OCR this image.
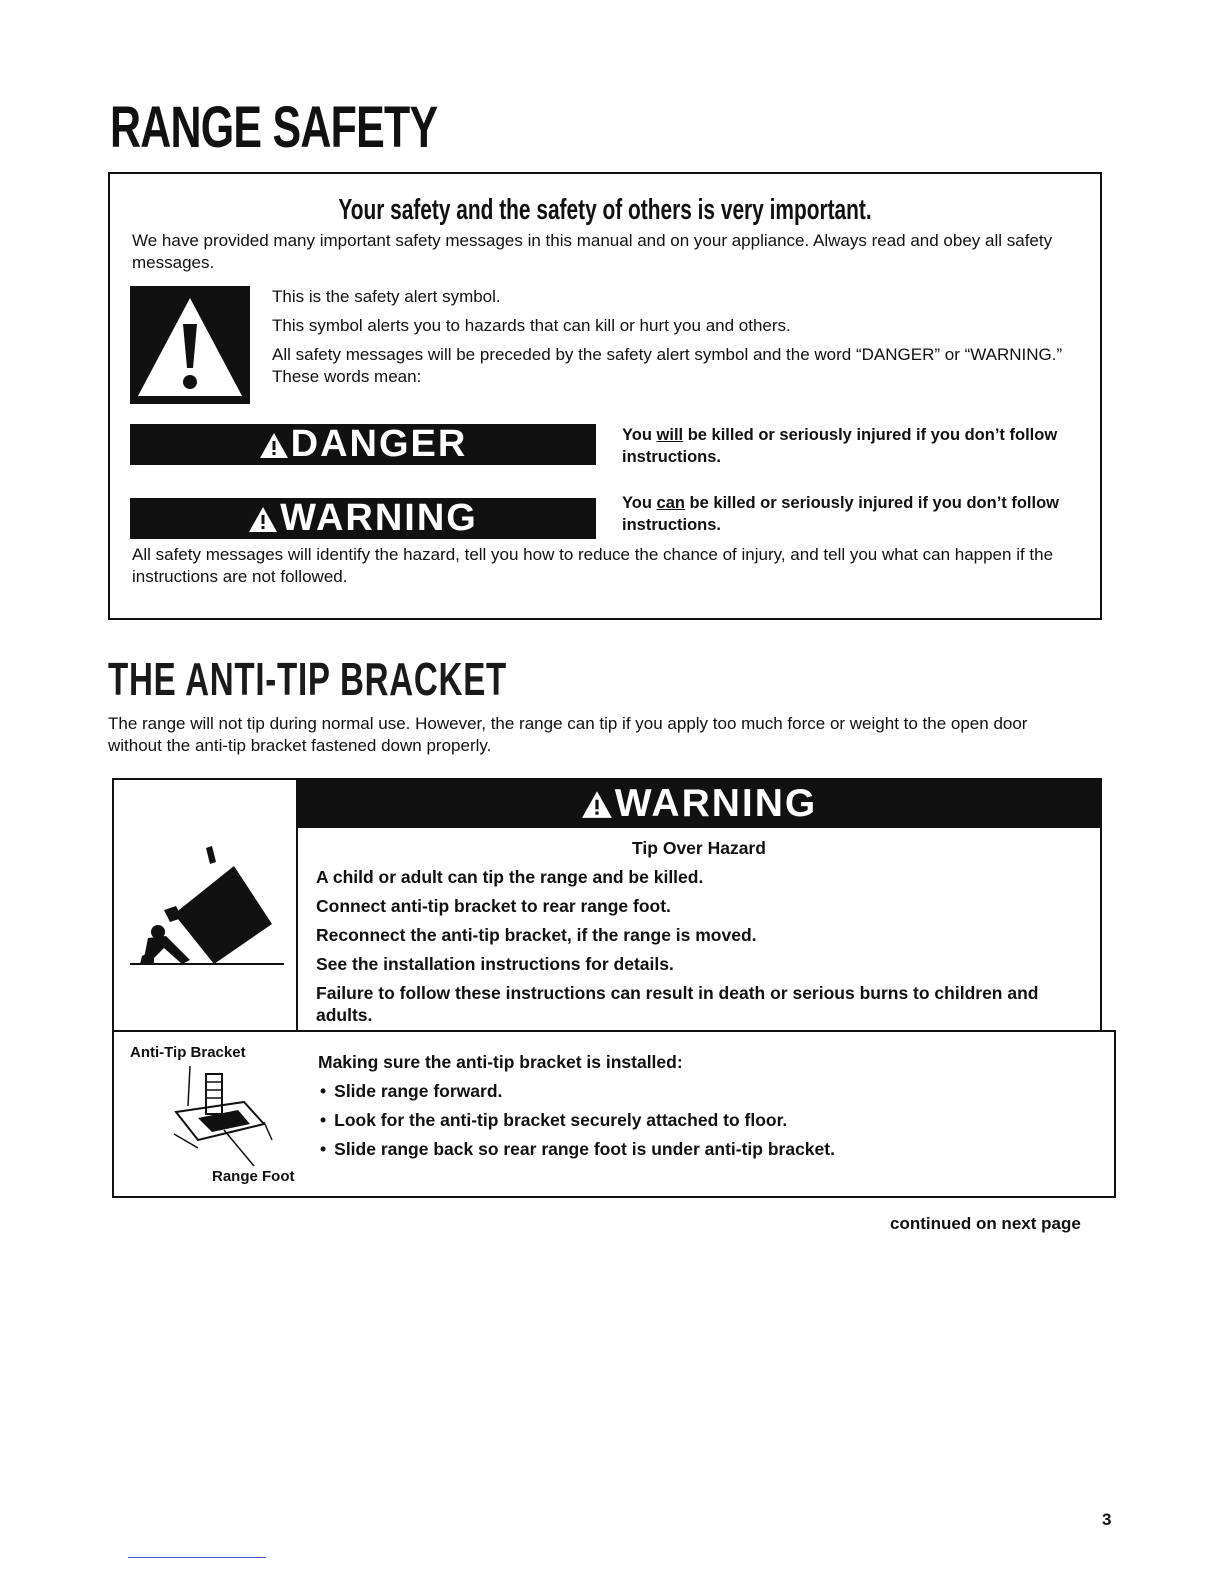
RANGE SAFETY
Your safety and the safety of others is very important.
We have provided many important safety messages in this manual and on your appliance. Always read and obey all safety messages.
This is the safety alert symbol.
This symbol alerts you to hazards that can kill or hurt you and others.
All safety messages will be preceded by the safety alert symbol and the word “DANGER” or “WARNING.” These words mean:
DANGER	You will be killed or seriously injured if you don’t follow instructions.
WARNING	You can be killed or seriously injured if you don’t follow instructions.
All safety messages will identify the hazard, tell you how to reduce the chance of injury, and tell you what can happen if the instructions are not followed.
THE ANTI-TIP BRACKET
The range will not tip during normal use. However, the range can tip if you apply too much force or weight to the open door without the anti-tip bracket fastened down properly.
WARNING
Tip Over Hazard
A child or adult can tip the range and be killed.
Connect anti-tip bracket to rear range foot.
Reconnect the anti-tip bracket, if the range is moved.
See the installation instructions for details.
Failure to follow these instructions can result in death or serious burns to children and adults.
Anti-Tip Bracket
Range Foot
Making sure the anti-tip bracket is installed:
• Slide range forward.
• Look for the anti-tip bracket securely attached to floor.
• Slide range back so rear range foot is under anti-tip bracket.
continued on next page
3
